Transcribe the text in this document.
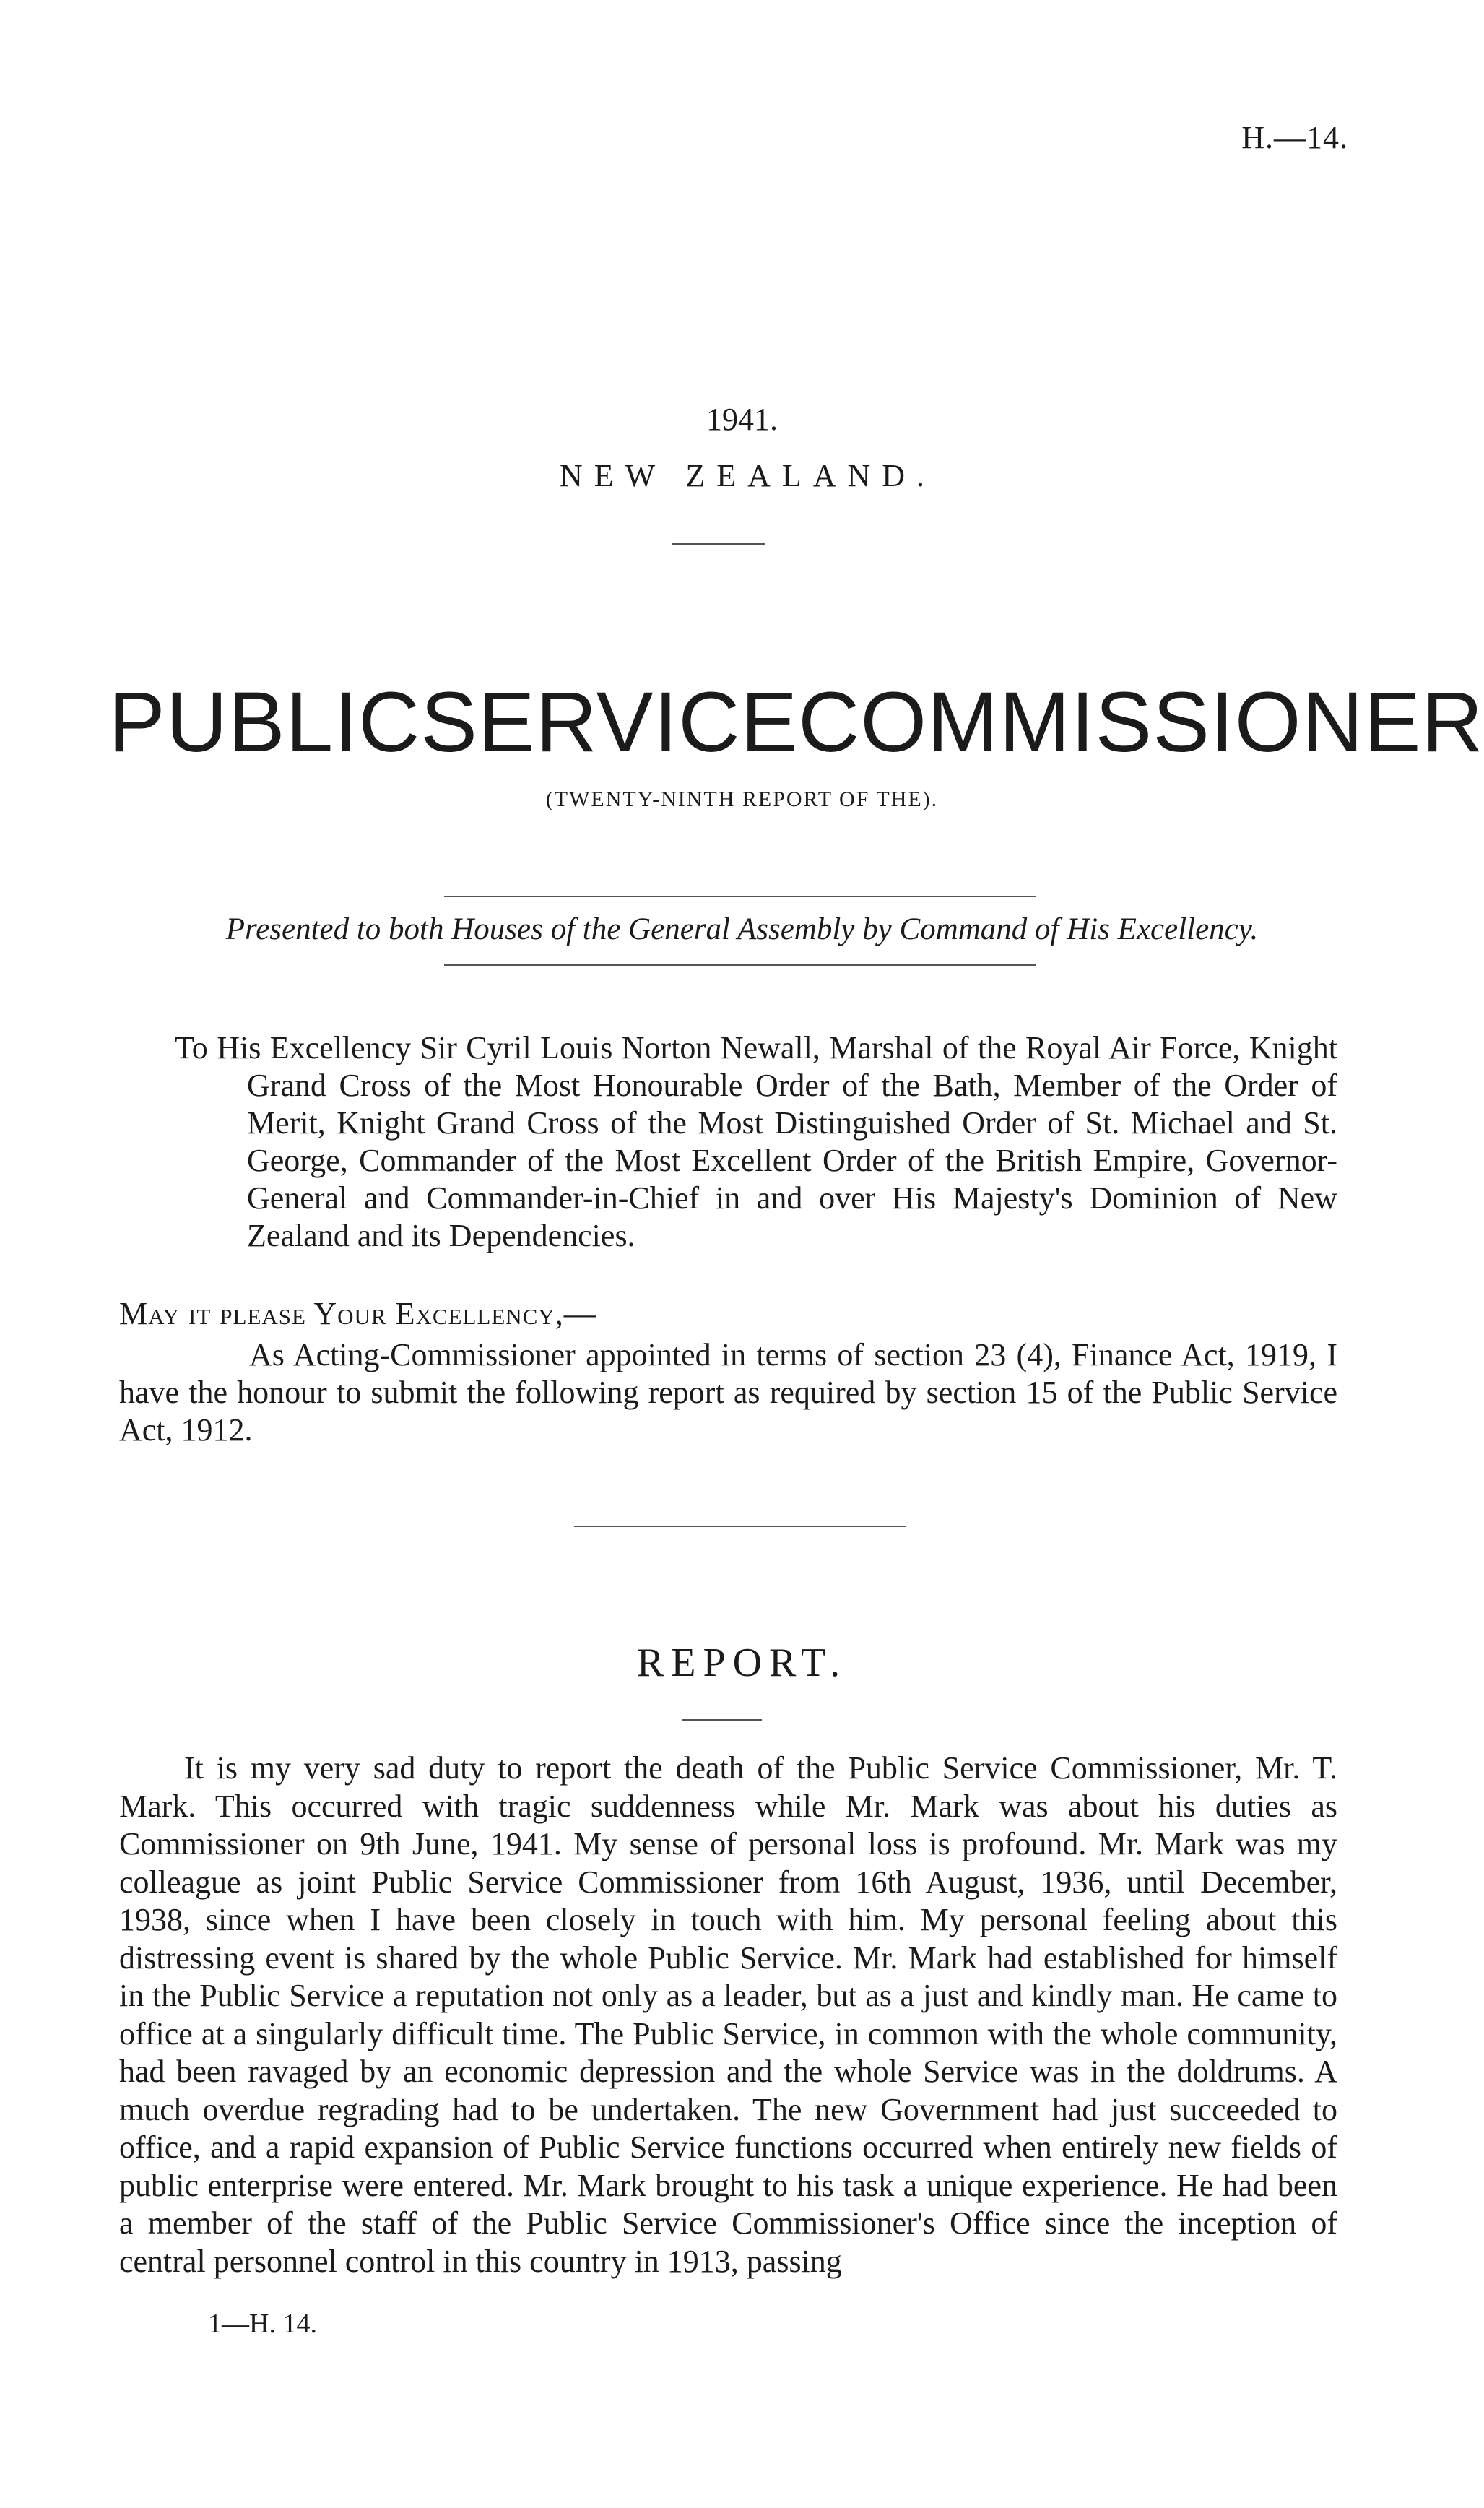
H.—14.
1941.
NEW ZEALAND.
PUBLIC SERVICE COMMISSIONER
(TWENTY-NINTH REPORT OF THE).
Presented to both Houses of the General Assembly by Command of His Excellency.
To His Excellency Sir Cyril Louis Norton Newall, Marshal of the Royal Air Force, Knight Grand Cross of the Most Honourable Order of the Bath, Member of the Order of Merit, Knight Grand Cross of the Most Distinguished Order of St. Michael and St. George, Commander of the Most Excellent Order of the British Empire, Governor-General and Commander-in-Chief in and over His Majesty's Dominion of New Zealand and its Dependencies.
May it please Your Excellency,—
As Acting-Commissioner appointed in terms of section 23 (4), Finance Act, 1919, I have the honour to submit the following report as required by section 15 of the Public Service Act, 1912.
REPORT.
It is my very sad duty to report the death of the Public Service Commissioner, Mr. T. Mark. This occurred with tragic suddenness while Mr. Mark was about his duties as Commissioner on 9th June, 1941. My sense of personal loss is profound. Mr. Mark was my colleague as joint Public Service Commissioner from 16th August, 1936, until December, 1938, since when I have been closely in touch with him. My personal feeling about this distressing event is shared by the whole Public Service. Mr. Mark had established for himself in the Public Service a reputation not only as a leader, but as a just and kindly man. He came to office at a singularly difficult time. The Public Service, in common with the whole community, had been ravaged by an economic depression and the whole Service was in the doldrums. A much overdue regrading had to be undertaken. The new Government had just succeeded to office, and a rapid expansion of Public Service functions occurred when entirely new fields of public enterprise were entered. Mr. Mark brought to his task a unique experience. He had been a member of the staff of the Public Service Commissioner's Office since the inception of central personnel control in this country in 1913, passing
1—H. 14.
